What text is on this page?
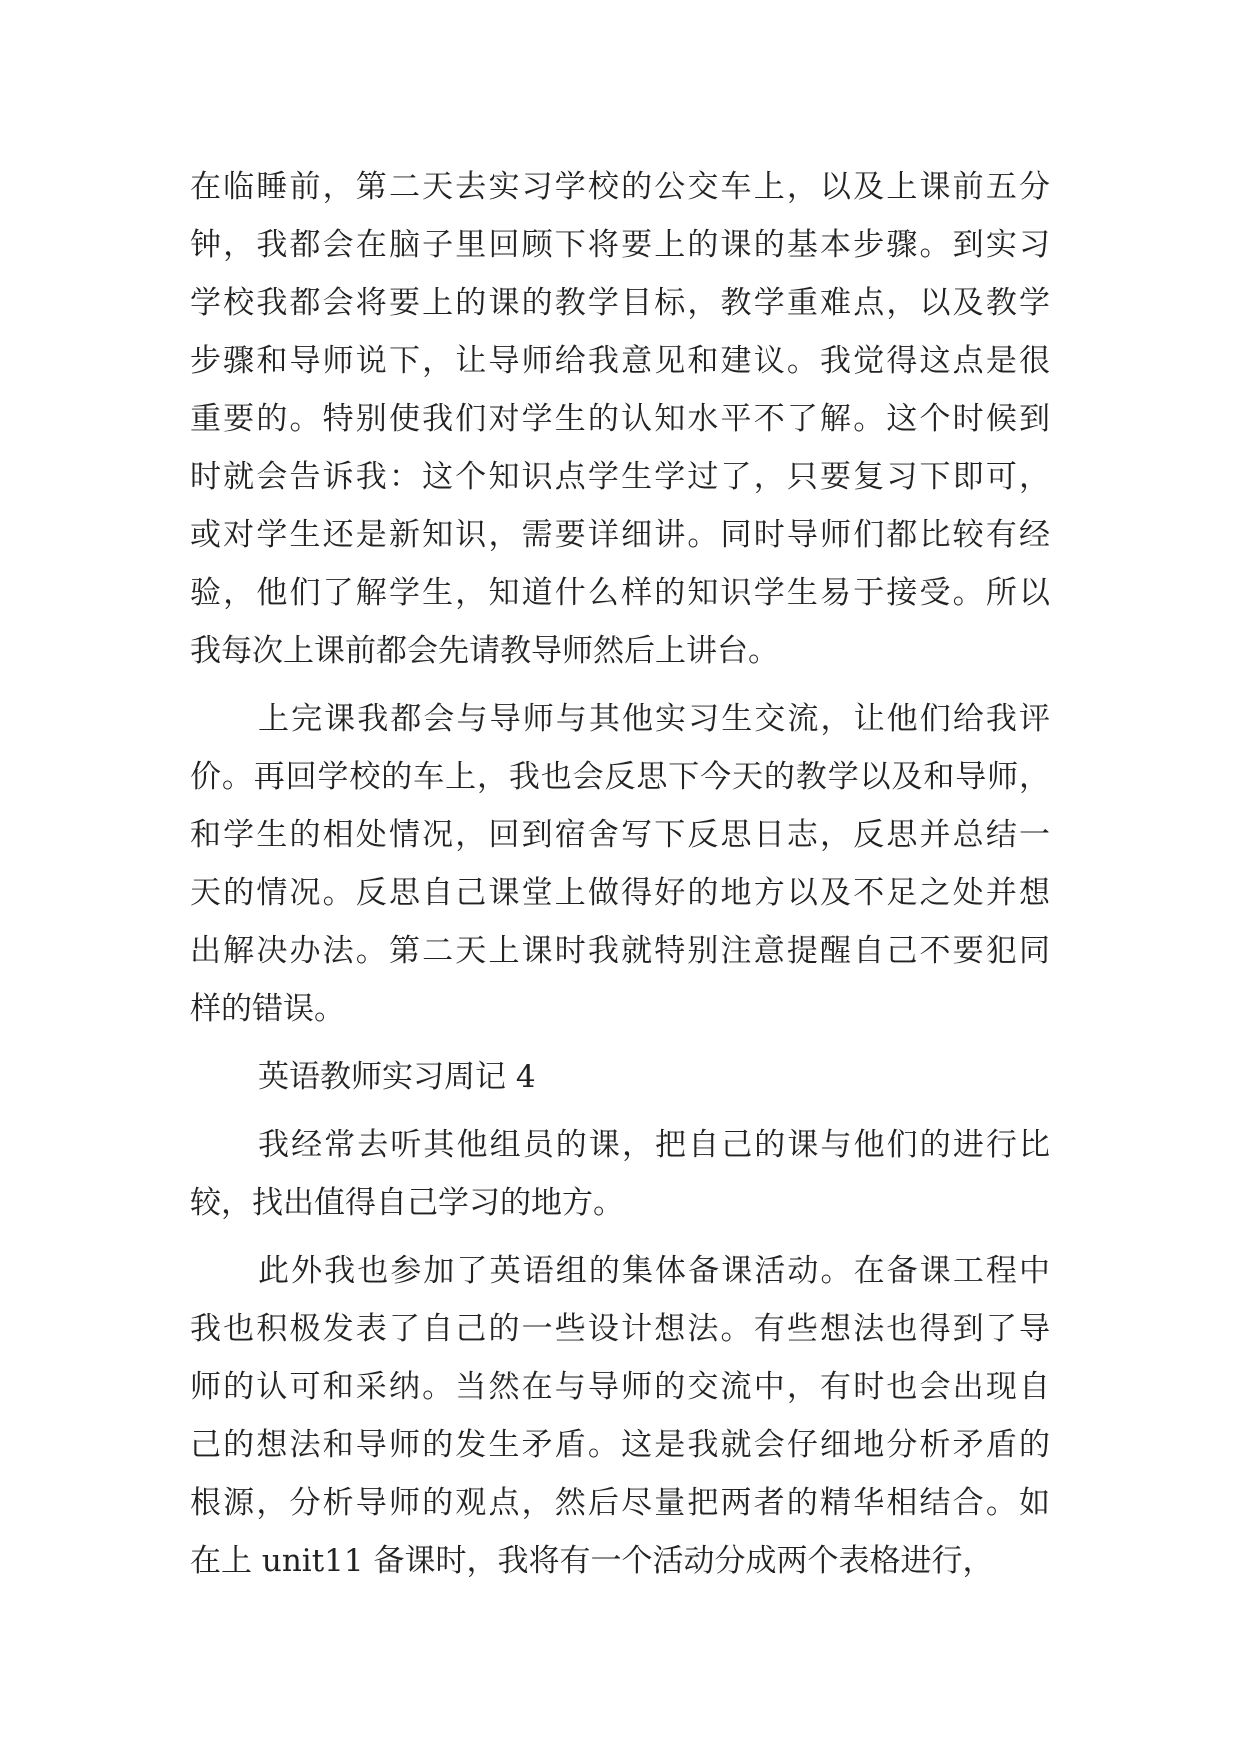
在临睡前，第二天去实习学校的公交车上，以及上课前五分
钟，我都会在脑子里回顾下将要上的课的基本步骤。到实习
学校我都会将要上的课的教学目标，教学重难点，以及教学
步骤和导师说下，让导师给我意见和建议。我觉得这点是很
重要的。特别使我们对学生的认知水平不了解。这个时候到
时就会告诉我：这个知识点学生学过了，只要复习下即可，
或对学生还是新知识，需要详细讲。同时导师们都比较有经
验，他们了解学生，知道什么样的知识学生易于接受。所以
我每次上课前都会先请教导师然后上讲台。
上完课我都会与导师与其他实习生交流，让他们给我评
价。再回学校的车上，我也会反思下今天的教学以及和导师，
和学生的相处情况，回到宿舍写下反思日志，反思并总结一
天的情况。反思自己课堂上做得好的地方以及不足之处并想
出解决办法。第二天上课时我就特别注意提醒自己不要犯同
样的错误。
英语教师实习周记 4
我经常去听其他组员的课，把自己的课与他们的进行比
较，找出值得自己学习的地方。
此外我也参加了英语组的集体备课活动。在备课工程中
我也积极发表了自己的一些设计想法。有些想法也得到了导
师的认可和采纳。当然在与导师的交流中，有时也会出现自
己的想法和导师的发生矛盾。这是我就会仔细地分析矛盾的
根源，分析导师的观点，然后尽量把两者的精华相结合。如
在上 unit11 备课时，我将有一个活动分成两个表格进行，
